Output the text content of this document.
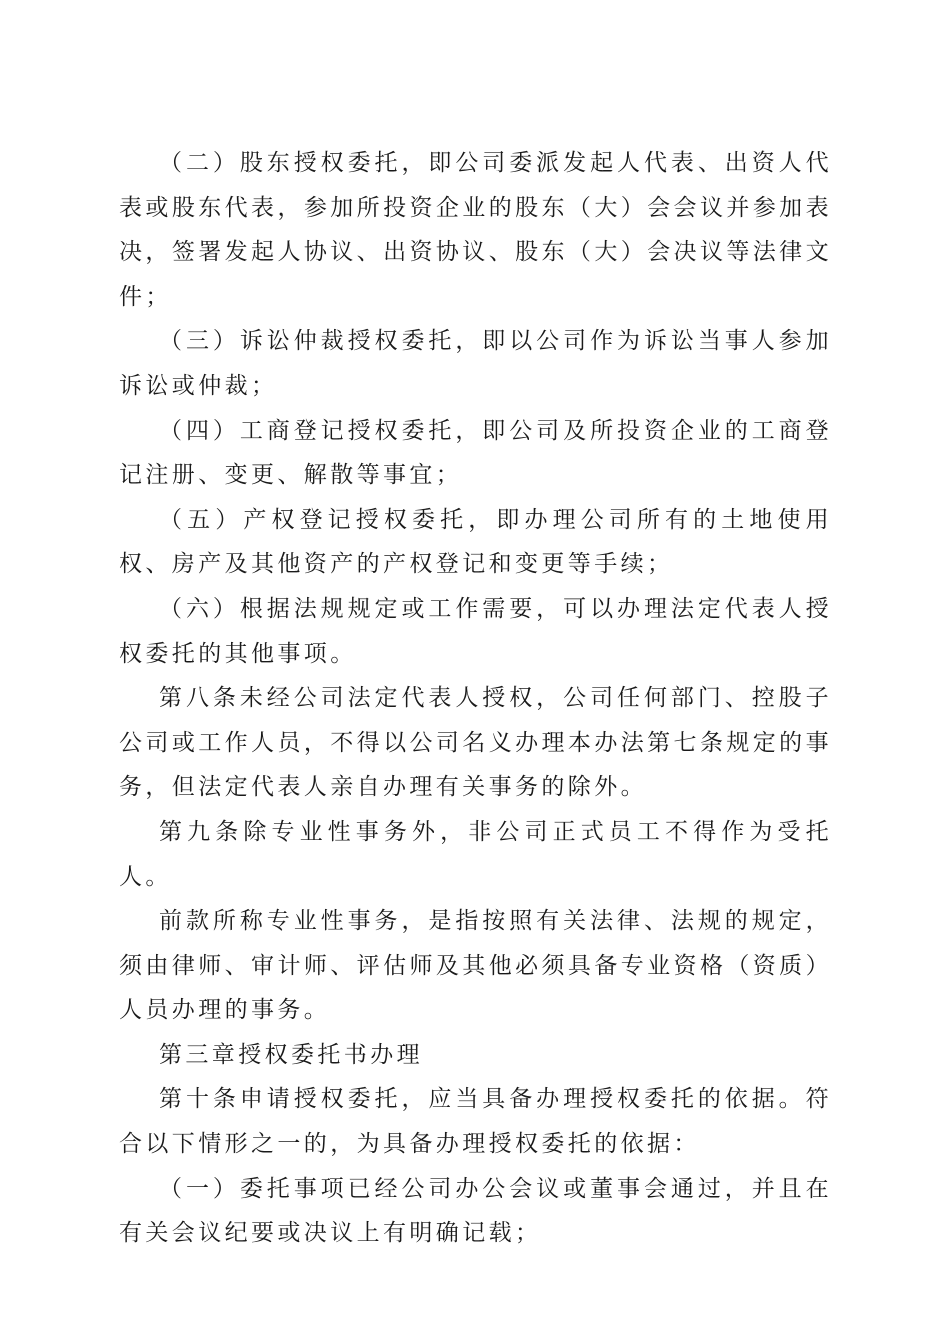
（二）股东授权委托，即公司委派发起人代表、出资人代表或股东代表，参加所投资企业的股东（大）会会议并参加表决，签署发起人协议、出资协议、股东（大）会决议等法律文件；

（三）诉讼仲裁授权委托，即以公司作为诉讼当事人参加诉讼或仲裁；

（四）工商登记授权委托，即公司及所投资企业的工商登记注册、变更、解散等事宜；

（五）产权登记授权委托，即办理公司所有的土地使用权、房产及其他资产的产权登记和变更等手续；

（六）根据法规规定或工作需要，可以办理法定代表人授权委托的其他事项。

第八条未经公司法定代表人授权，公司任何部门、控股子公司或工作人员，不得以公司名义办理本办法第七条规定的事务，但法定代表人亲自办理有关事务的除外。

第九条除专业性事务外，非公司正式员工不得作为受托人。

前款所称专业性事务，是指按照有关法律、法规的规定，须由律师、审计师、评估师及其他必须具备专业资格（资质）人员办理的事务。

第三章授权委托书办理

第十条申请授权委托，应当具备办理授权委托的依据。符合以下情形之一的，为具备办理授权委托的依据：

（一）委托事项已经公司办公会议或董事会通过，并且在有关会议纪要或决议上有明确记载；
